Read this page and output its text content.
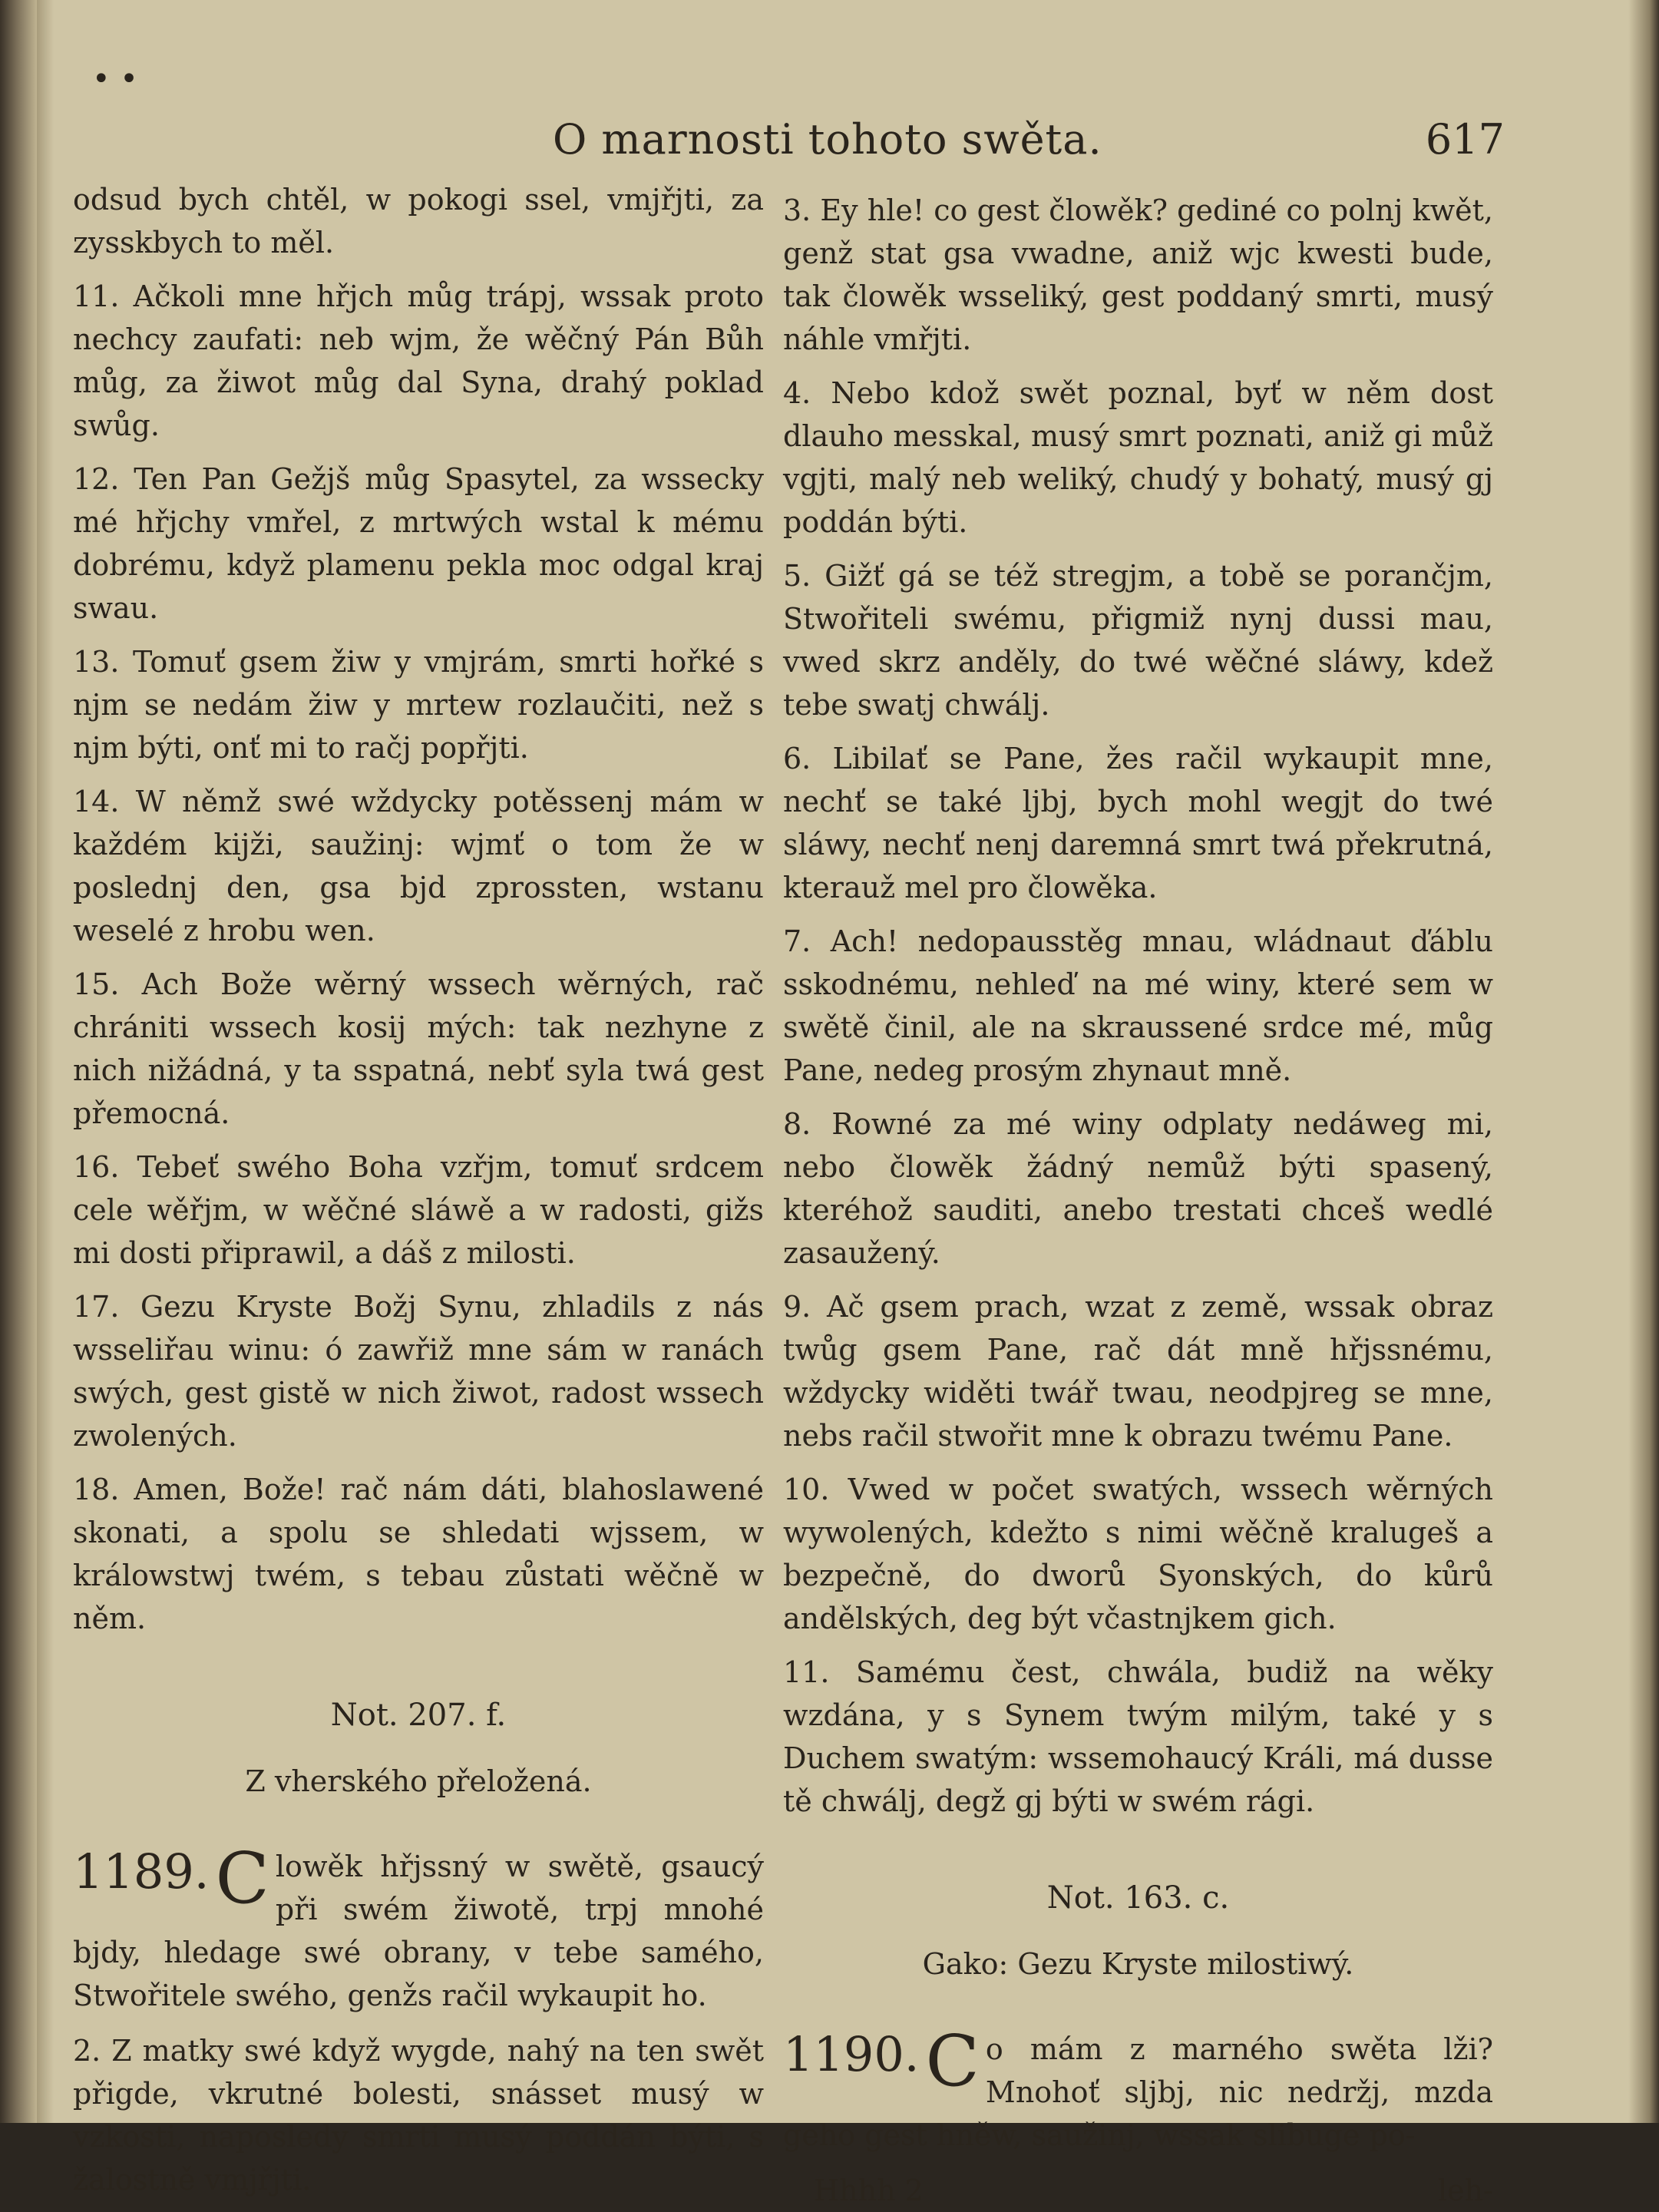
• •
O marnosti tohoto swěta.	617

odsud bych chtěl, w pokogi ssel, vmjřjti, za zysskbych to měl.

11. Ačkoli mne hřjch můg trápj, wssak proto nechcy zaufati: neb wjm, že wěčný Pán Bůh můg, za žiwot můg dal Syna, drahý poklad swůg.

12. Ten Pan Gežjš můg Spasytel, za wssecky mé hřjchy vmřel, z mrtwých wstal k mému dobrému, když plamenu pekla moc odgal kraj swau.

13. Tomuť gsem žiw y vmjrám, smrti hořké s njm se nedám žiw y mrtew rozlaučiti, než s njm býti, onť mi to račj popřjti.

14. W němž swé wždycky potěssenj mám w každém kijži, saužinj: wjmť o tom že w poslednj den, gsa bjd zprossten, wstanu weselé z hrobu wen.

15. Ach Bože wěrný wssech wěrných, rač chrániti wssech kosij mých: tak nezhyne z nich nižádná, y ta sspatná, nebť syla twá gest přemocná.

16. Tebeť swého Boha vzřjm, tomuť srdcem cele wěřjm, w wěčné sláwě a w radosti, gižs mi dosti připrawil, a dáš z milosti.

17. Gezu Kryste Božj Synu, zhladils z nás wsseliřau winu: ó zawřiž mne sám w ranách swých, gest gistě w nich žiwot, radost wssech zwolených.

18. Amen, Bože! rač nám dáti, blahoslawené skonati, a spolu se shledati wjssem, w králowstwj twém, s tebau zůstati wěčně w něm.

Not. 207. f.
Z vherského přeložená.
1189. C lowěk hřjssný w swětě, gsaucý při swém žiwotě, trpj mnohé bjdy, hledage swé obrany, v tebe samého, Stwořitele swého, genžs račil wykaupit ho.

2. Z matky swé když wygde, nahý na ten swět přigde, vkrutné bolesti, snásset musý w vzkosti, naposledy smrti musý poddán býti, s žalostně vmjřjti.

3. Ey hle! co gest člowěk? gediné co polnj kwět, genž stat gsa vwadne, aniž wjc kwesti bude, tak člowěk wsseliký, gest poddaný smrti, musý náhle vmřjti.

4. Nebo kdož swět poznal, byť w něm dost dlauho messkal, musý smrt poznati, aniž gi můž vgjti, malý neb weliký, chudý y bohatý, musý gj poddán býti.

5. Gižť gá se též stregjm, a tobě se porančjm, Stwořiteli swému, přigmiž nynj dussi mau, vwed skrz anděly, do twé wěčné sláwy, kdež tebe swatj chwálj.

6. Libilať se Pane, žes račil wykaupit mne, nechť se také ljbj, bych mohl wegjt do twé sláwy, nechť nenj daremná smrt twá překrutná, kterauž mel pro člowěka.

7. Ach! nedopausstěg mnau, wládnaut ďáblu sskodnému, nehleď na mé winy, které sem w swětě činil, ale na skraussené srdce mé, můg Pane, nedeg prosým zhynaut mně.

8. Rowné za mé winy odplaty nedáweg mi, nebo člowěk žádný nemůž býti spasený, kteréhož sauditi, anebo trestati chceš wedlé zasaužený.

9. Ač gsem prach, wzat z země, wssak obraz twůg gsem Pane, rač dát mně hřjssnému, wždycky widěti twář twau, neodpjreg se mne, nebs račil stwořit mne k obrazu twému Pane.

10. Vwed w počet swatých, wssech wěrných wywolených, kdežto s nimi wěčně kralugeš a bezpečně, do dworů Syonských, do kůrů andělských, deg být včastnjkem gich.

11. Samému čest, chwála, budiž na wěky wzdána, y s Synem twým milým, také y s Duchem swatým: wssemohaucý Králi, má dusse tě chwálj, degž gj býti w swém rági.

Not. 163. c.
Gako: Gezu Kryste milostiwý.
1190. C o mám z marného swěta lži? Mnohoť sljbj, nic nedržj, mzda geho gest hněw, saužinj, wssak slibuge po-
Hhhh 2	leh-
